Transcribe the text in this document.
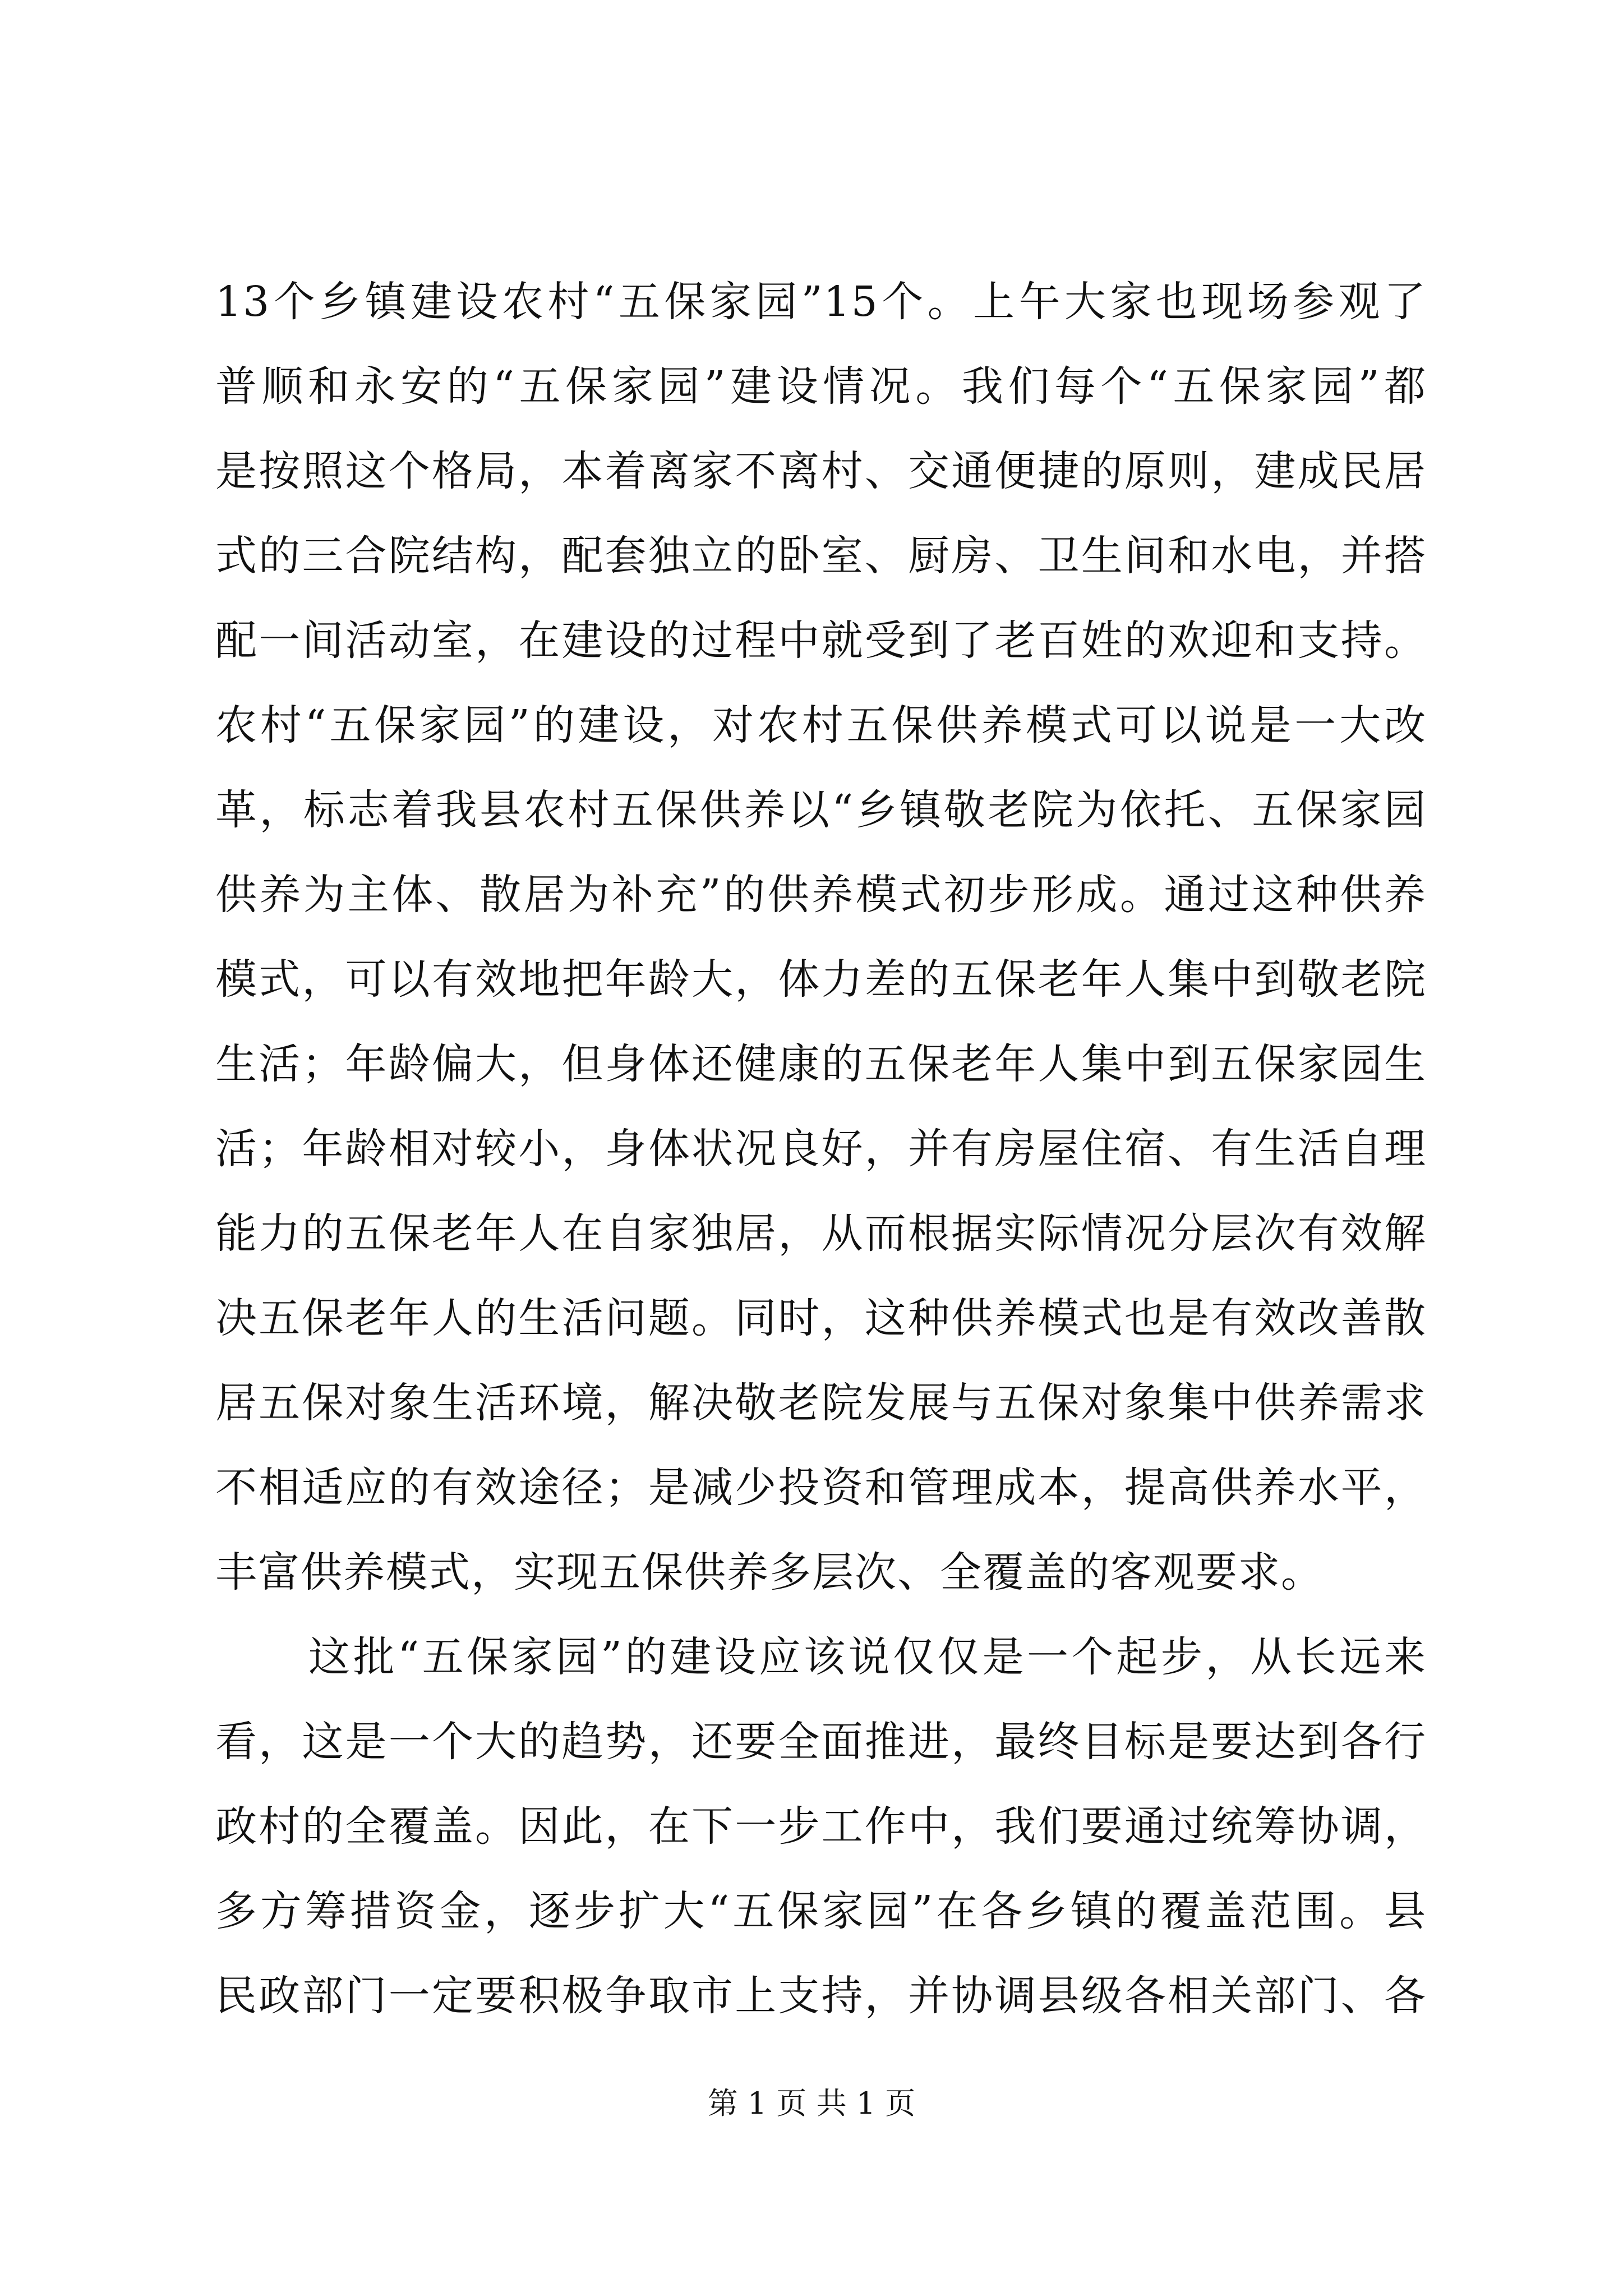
13个乡镇建设农村“五保家园”15个。上午大家也现场参观了
普顺和永安的“五保家园”建设情况。我们每个“五保家园”都
是按照这个格局，本着离家不离村、交通便捷的原则，建成民居
式的三合院结构，配套独立的卧室、厨房、卫生间和水电，并搭
配一间活动室，在建设的过程中就受到了老百姓的欢迎和支持。
农村“五保家园”的建设，对农村五保供养模式可以说是一大改
革，标志着我县农村五保供养以“乡镇敬老院为依托、五保家园
供养为主体、散居为补充”的供养模式初步形成。通过这种供养
模式，可以有效地把年龄大，体力差的五保老年人集中到敬老院
生活；年龄偏大，但身体还健康的五保老年人集中到五保家园生
活；年龄相对较小，身体状况良好，并有房屋住宿、有生活自理
能力的五保老年人在自家独居，从而根据实际情况分层次有效解
决五保老年人的生活问题。同时，这种供养模式也是有效改善散
居五保对象生活环境，解决敬老院发展与五保对象集中供养需求
不相适应的有效途径；是减少投资和管理成本，提高供养水平，
丰富供养模式，实现五保供养多层次、全覆盖的客观要求。
这批“五保家园”的建设应该说仅仅是一个起步，从长远来
看，这是一个大的趋势，还要全面推进，最终目标是要达到各行
政村的全覆盖。因此，在下一步工作中，我们要通过统筹协调，
多方筹措资金，逐步扩大“五保家园”在各乡镇的覆盖范围。县
民政部门一定要积极争取市上支持，并协调县级各相关部门、各
第 1 页 共 1 页
